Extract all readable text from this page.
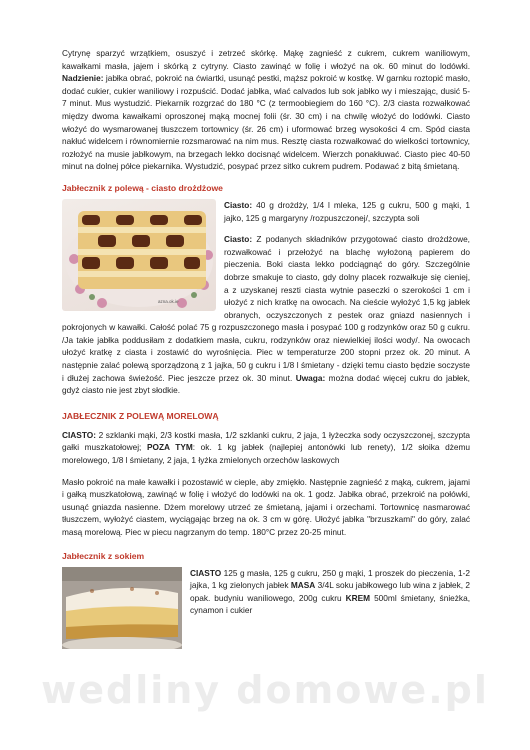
Cytrynę sparzyć wrzątkiem, osuszyć i zetrzeć skórkę. Mąkę zagnieść z cukrem, cukrem waniliowym, kawałkami masła, jajem i skórką z cytryny. Ciasto zawinąć w folię i włożyć na ok. 60 minut do lodówki. Nadzienie: jabłka obrać, pokroić na ćwiartki, usunąć pestki, mąższ pokroić w kostkę. W garnku roztopić masło, dodać cukier, cukier waniliowy i rozpuścić. Dodać jabłka, wlać calvados lub sok jabłko wy i mieszając, dusić 5-7 minut. Mus wystudzić. Piekarnik rozgrzać do 180 °C (z termoobiegiem do 160 °C). 2/3 ciasta rozwałkować między dwoma kawałkami oproszonej mąką mocnej folii (śr. 30 cm) i na chwilę włożyć do lodówki. Ciasto włożyć do wysmarowanej tłuszczem tortownicy (śr. 26 cm) i uformować brzeg wysokości 4 cm. Spód ciasta nakłuć widelcem i równomiernie rozsmarować na nim mus. Resztę ciasta rozwałkować do wielkości tortownicy, rozłożyć na musie jabłkowym, na brzegach lekko docisnąć widelcem. Wierzch ponakłuwać. Ciasto piec 40-50 minut na dolnej półce piekarnika. Wystudzić, posypać przez sitko cukrem pudrem. Podawać z bitą śmietaną.

Jabłecznik z polewą - ciasto drożdżowe
azna.ok.ie

Ciasto: 40 g drożdży, 1/4 l mleka, 125 g cukru, 500 g mąki, 1 jajko, 125 g margaryny /rozpuszczonej/, szczypta soli

Ciasto: Z podanych składników przygotować ciasto drożdżowe, rozwałkować i przełożyć na blachę wyłożoną papierem do pieczenia. Boki ciasta lekko podciągnąć do góry. Szczególnie dobrze smakuje to ciasto, gdy dolny placek rozwałkuje się cieniej, a z uzyskanej reszti ciasta wytnie paseczki o szerokości 1 cm i ułożyć z nich kratkę na owocach. Na cieście wyłożyć 1,5 kg jabłek obranych, oczyszczonych z pestek oraz gniazd nasiennych i pokrojonych w kawałki. Całość polać 75 g rozpuszczonego masła i posypać 100 g rodzynków oraz 50 g cukru. /Ja takie jabłka poddusiłam z dodatkiem masła, cukru, rodzynków oraz niewielkiej ilości wody/. Na owocach ułożyć kratkę z ciasta i zostawić do wyrośnięcia. Piec w temperaturze 200 stopni przez ok. 20 minut. A następnie zalać polewą sporządzoną z 1 jajka, 50 g cukru i 1/8 l śmietany - dzięki temu ciasto będzie soczyste i dłużej zachowa świeżość. Piec jeszcze przez ok. 30 minut. Uwaga: można dodać więcej cukru do jabłek, gdyż ciasto nie jest zbyt słodkie.

JABŁECZNIK Z POLEWĄ MORELOWĄ

CIASTO: 2 szklanki mąki, 2/3 kostki masła, 1/2 szklanki cukru, 2 jaja, 1 łyżeczka sody oczyszczonej, szczypta gałki muszkatołowej; POZA TYM: ok. 1 kg jabłek (najlepiej antonówki lub renety), 1/2 słoika dżemu morelowego, 1/8 l śmietany, 2 jaja, 1 łyżka zmielonych orzechów laskowych

Masło pokroić na małe kawałki i pozostawić w cieple, aby zmiękło. Następnie zagnieść z mąką, cukrem, jajami i gałką muszkatołową, zawinąć w folię i włożyć do lodówki na ok. 1 godz. Jabłka obrać, przekroić na połówki, usunąć gniazda nasienne. Dżem morelowy utrzeć ze śmietaną, jajami i orzechami. Tortownicę nasmarować tłuszczem, wyłożyć ciastem, wyciągając brzeg na ok. 3 cm w górę. Ułożyć jabłka "brzuszkami" do góry, zalać masą morelową. Piec w piecu nagrzanym do temp. 180°C przez 20-25 minut.

Jabłecznik z sokiem

CIASTO 125 g masła, 125 g cukru, 250 g mąki, 1 proszek do pieczenia, 1-2 jajka, 1 kg zielonych jabłek MASA 3/4L soku jabłkowego lub wina z jabłek, 2 opak. budyniu waniliowego, 200g cukru KREM 500ml śmietany, śnieżka, cynamon i cukier

wedliny domowe.pl
